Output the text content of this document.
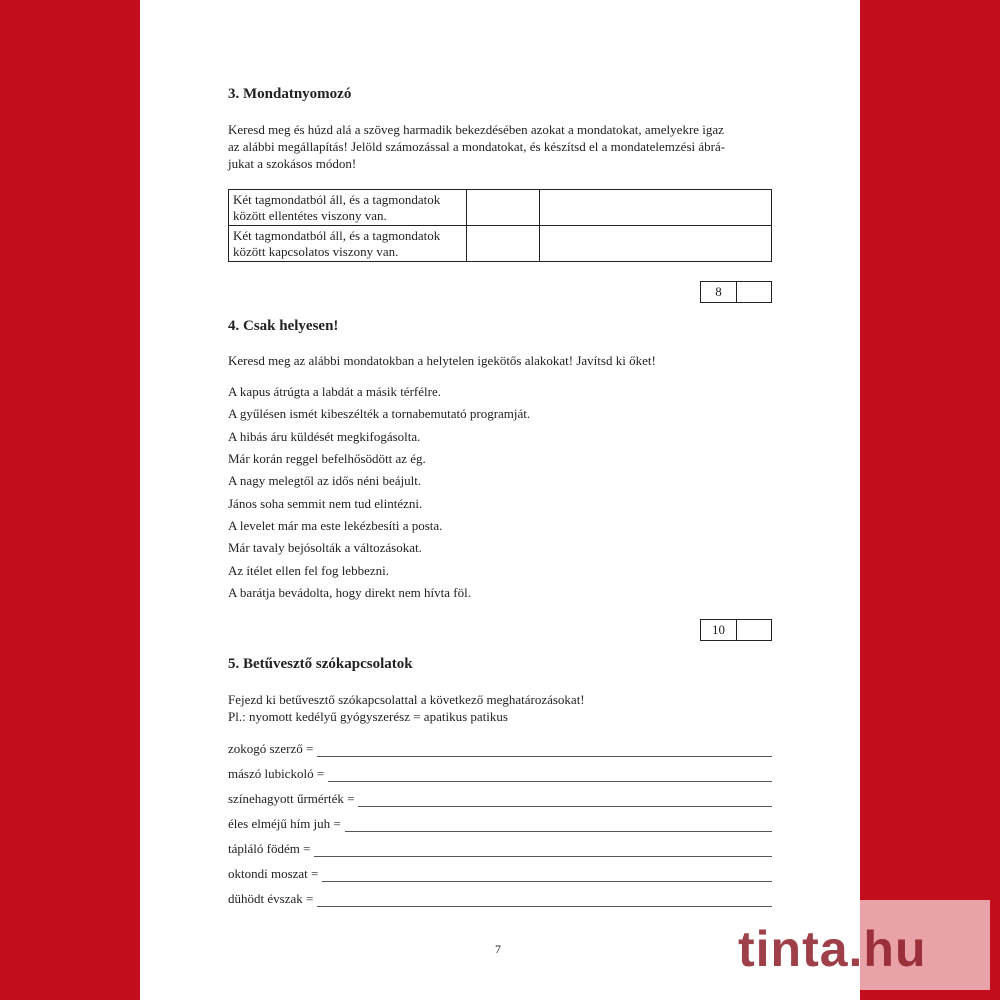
3. Mondatnyomozó
Keresd meg és húzd alá a szöveg harmadik bekezdésében azokat a mondatokat, amelyekre igaz
az alábbi megállapítás! Jelöld számozással a mondatokat, és készítsd el a mondatelemzési ábrá-
jukat a szokásos módon!
Két tagmondatból áll, és a tagmondatok
között ellentétes viszony van.		

Két tagmondatból áll, és a tagmondatok
között kapcsolatos viszony van.		

8
4. Csak helyesen!
Keresd meg az alábbi mondatokban a helytelen igekötős alakokat! Javítsd ki őket!
A kapus átrúgta a labdát a másik térfélre.
A gyűlésen ismét kibeszélték a tornabemutató programját.
A hibás áru küldését megkifogásolta.
Már korán reggel befelhősödött az ég.
A nagy melegtől az idős néni beájult.
János soha semmit nem tud elintézni.
A levelet már ma este lekézbesíti a posta.
Már tavaly bejósolták a változásokat.
Az ítélet ellen fel fog lebbezni.
A barátja bevádolta, hogy direkt nem hívta föl.
10
5. Betűvesztő szókapcsolatok
Fejezd ki betűvesztő szókapcsolattal a következő meghatározásokat!
Pl.: nyomott kedélyű gyógyszerész = apatikus patikus
zokogó szerző =
mászó lubickoló =
színehagyott űrmérték =
éles elméjű hím juh =
tápláló födém =
oktondi moszat =
dühödt évszak =
7	tinta.hu
